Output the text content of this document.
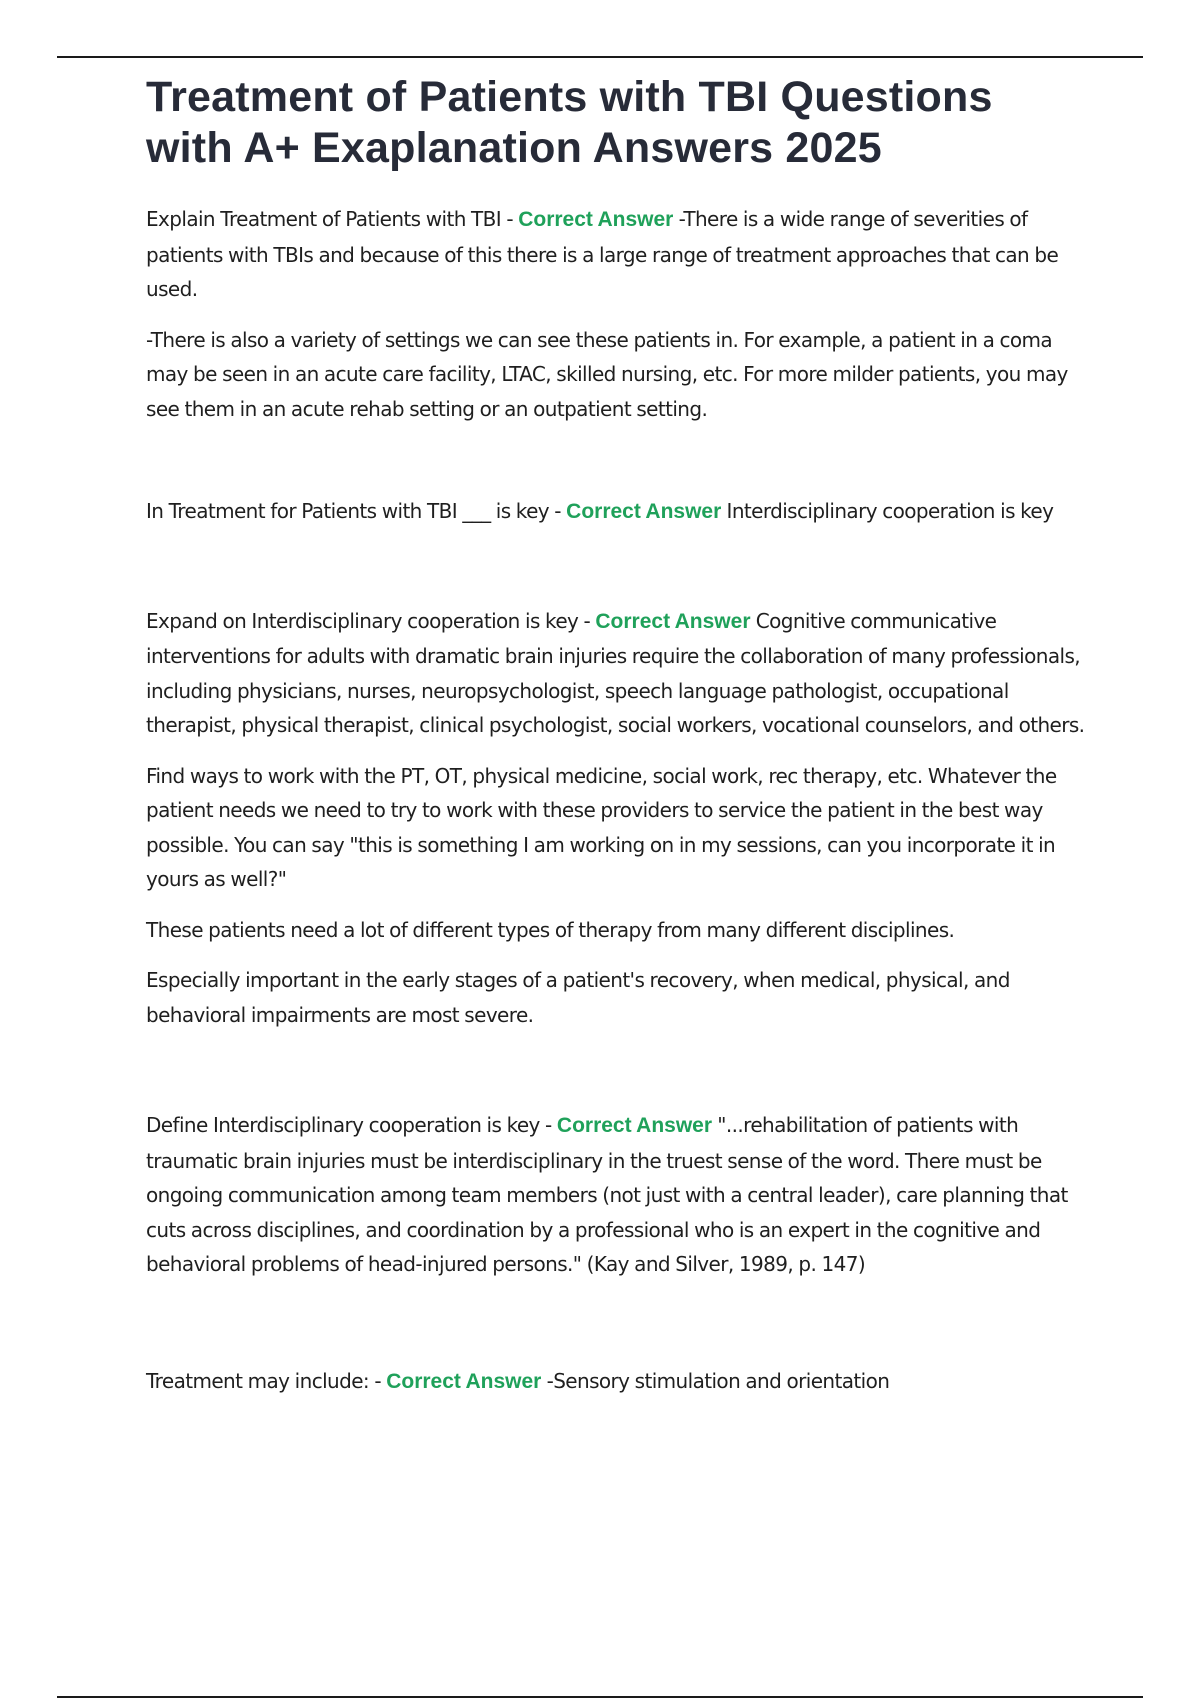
Treatment of Patients with TBI Questions
with A+ Exaplanation Answers 2025

Explain Treatment of Patients with TBI - Correct Answer -There is a wide range of severities of patients with TBIs and because of this there is a large range of treatment approaches that can be used.

-There is also a variety of settings we can see these patients in. For example, a patient in a coma may be seen in an acute care facility, LTAC, skilled nursing, etc. For more milder patients, you may see them in an acute rehab setting or an outpatient setting.

In Treatment for Patients with TBI ___ is key - Correct Answer Interdisciplinary cooperation is key

Expand on Interdisciplinary cooperation is key - Correct Answer Cognitive communicative interventions for adults with dramatic brain injuries require the collaboration of many professionals, including physicians, nurses, neuropsychologist, speech language pathologist, occupational therapist, physical therapist, clinical psychologist, social workers, vocational counselors, and others.

Find ways to work with the PT, OT, physical medicine, social work, rec therapy, etc. Whatever the patient needs we need to try to work with these providers to service the patient in the best way possible. You can say "this is something I am working on in my sessions, can you incorporate it in yours as well?"

These patients need a lot of different types of therapy from many different disciplines.

Especially important in the early stages of a patient's recovery, when medical, physical, and behavioral impairments are most severe.

Define Interdisciplinary cooperation is key - Correct Answer "...rehabilitation of patients with traumatic brain injuries must be interdisciplinary in the truest sense of the word. There must be ongoing communication among team members (not just with a central leader), care planning that cuts across disciplines, and coordination by a professional who is an expert in the cognitive and behavioral problems of head-injured persons." (Kay and Silver, 1989, p. 147)

Treatment may include: - Correct Answer -Sensory stimulation and orientation
